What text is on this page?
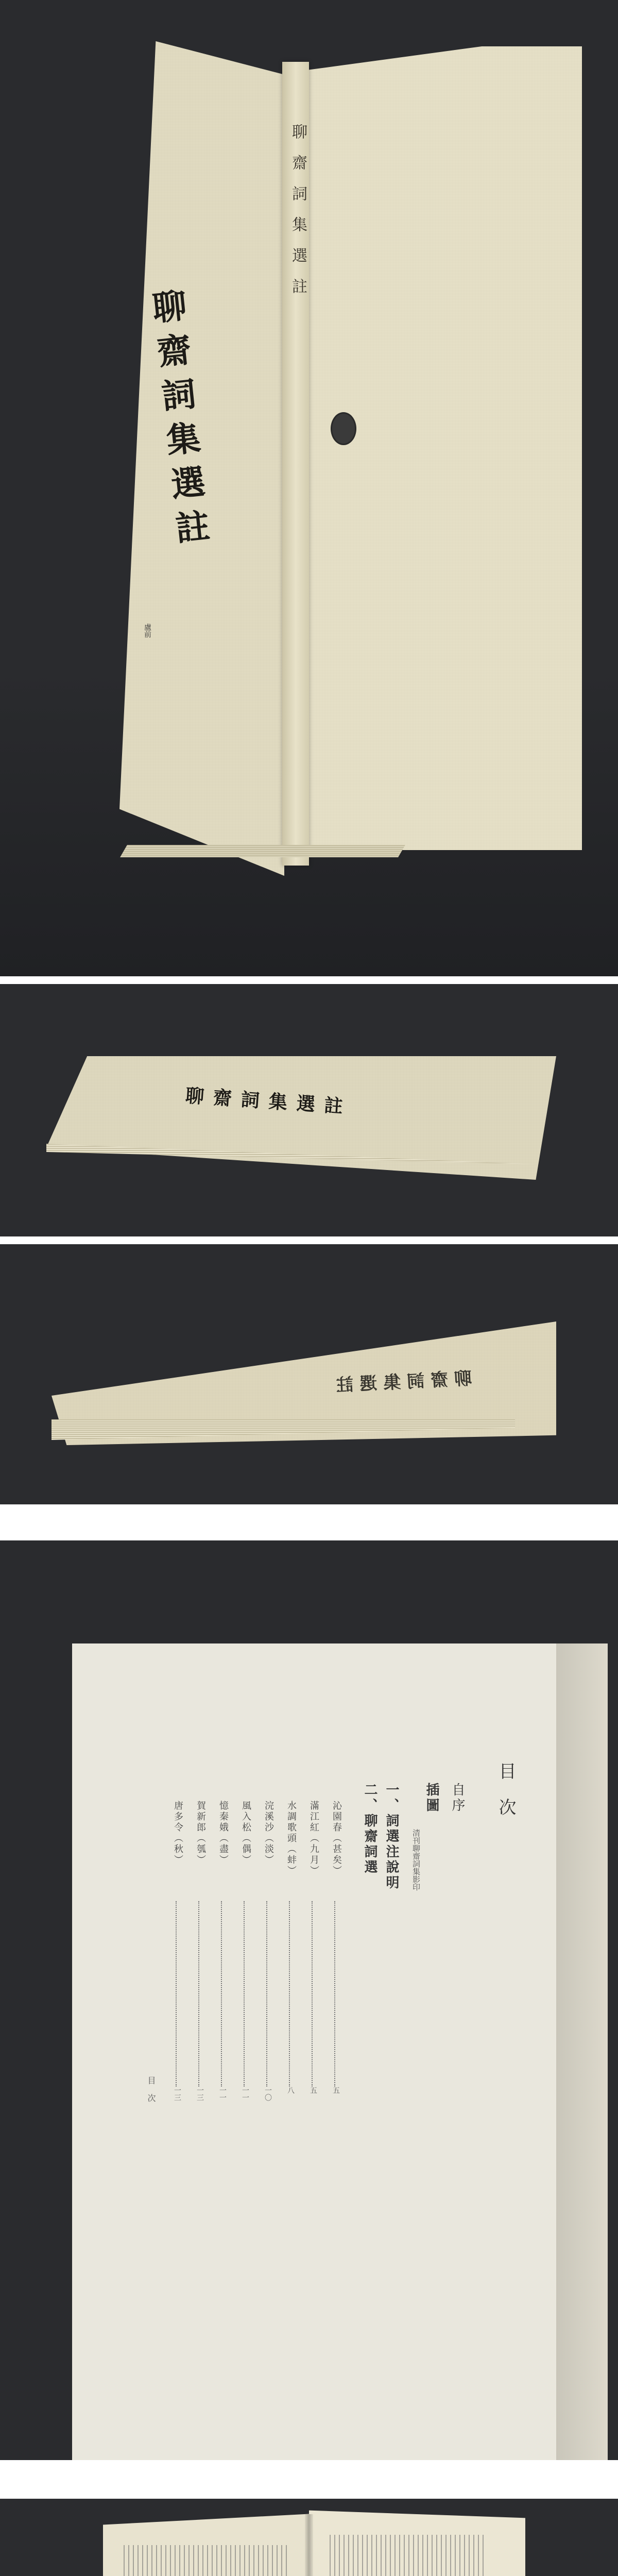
聊齋詞集選註
聊齋詞集選註
盧前
聊齋詞集選註
聊齋詞集選註
目次
自序
插圖
清刊聊齋詞集影印
一、詞選注說明
二、聊齋詞選
沁園春（甚矣）
五
滿江紅（九月）
五
水調歌頭（蚌）
八
浣溪沙（淡）
一〇
風入松（偶）
一一
憶秦娥（盡）
一一
賀新郎（瓠）
一三
唐多令（秋）
一三
目次
